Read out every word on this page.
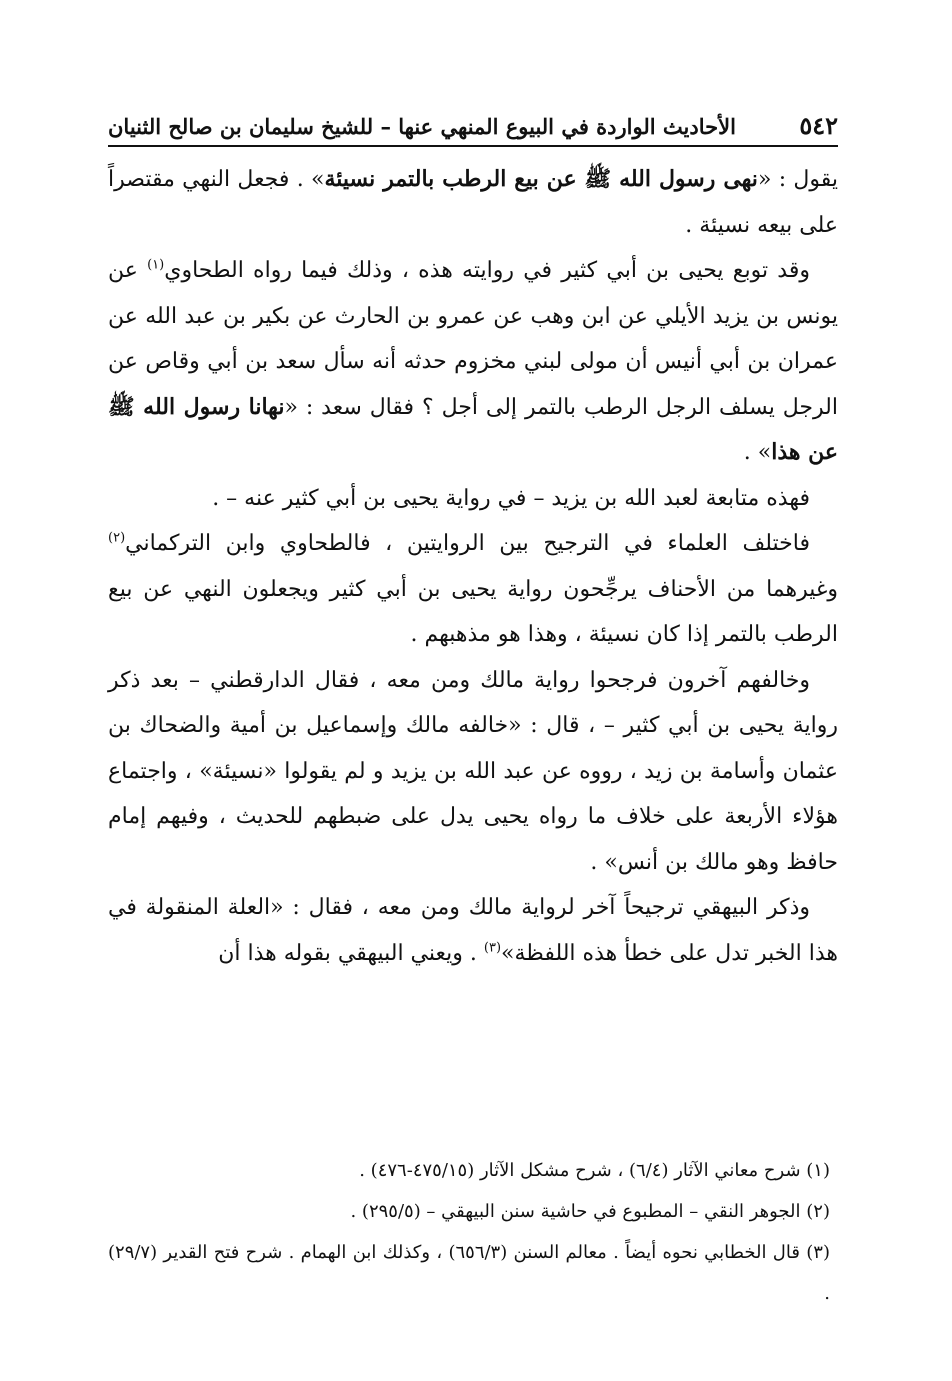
٥٤٢
الأحاديث الواردة في البيوع المنهي عنها – للشيخ سليمان بن صالح الثنيان

يقول : «نهى رسول الله ﷺ عن بيع الرطب بالتمر نسيئة» . فجعل النهي مقتصراً على بيعه نسيئة .

وقد توبع يحيى بن أبي كثير في روايته هذه ، وذلك فيما رواه الطحاوي$^{(١)}$ عن يونس بن يزيد الأيلي عن ابن وهب عن عمرو بن الحارث عن بكير بن عبد الله عن عمران بن أبي أنيس أن مولى لبني مخزوم حدثه أنه سأل سعد بن أبي وقاص عن الرجل يسلف الرجل الرطب بالتمر إلى أجل ؟ فقال سعد : «نهانا رسول الله ﷺ عن هذا» .

فهذه متابعة لعبد الله بن يزيد – في رواية يحيى بن أبي كثير عنه – .

فاختلف العلماء في الترجيح بين الروايتين ، فالطحاوي وابن التركماني$^{(٢)}$ وغيرهما من الأحناف يرجِّحون رواية يحيى بن أبي كثير ويجعلون النهي عن بيع الرطب بالتمر إذا كان نسيئة ، وهذا هو مذهبهم .

وخالفهم آخرون فرجحوا رواية مالك ومن معه ، فقال الدارقطني – بعد ذكر رواية يحيى بن أبي كثير – ، قال : «خالفه مالك وإسماعيل بن أمية والضحاك بن عثمان وأسامة بن زيد ، رووه عن عبد الله بن يزيد و لم يقولوا «نسيئة» ، واجتماع هؤلاء الأربعة على خلاف ما رواه يحيى يدل على ضبطهم للحديث ، وفيهم إمام حافظ وهو مالك بن أنس» .

وذكر البيهقي ترجيحاً آخر لرواية مالك ومن معه ، فقال : «العلة المنقولة في هذا الخبر تدل على خطأ هذه اللفظة»$^{(٣)}$ . ويعني البيهقي بقوله هذا أن

(١) شرح معاني الآثار (٦/٤) ، شرح مشكل الآثار (٤٧٥/١٥-٤٧٦) .

(٢) الجوهر النقي – المطبوع في حاشية سنن البيهقي – (٢٩٥/٥) .

(٣) قال الخطابي نحوه أيضاً . معالم السنن (٦٥٦/٣) ، وكذلك ابن الهمام . شرح فتح القدير (٢٩/٧) .
